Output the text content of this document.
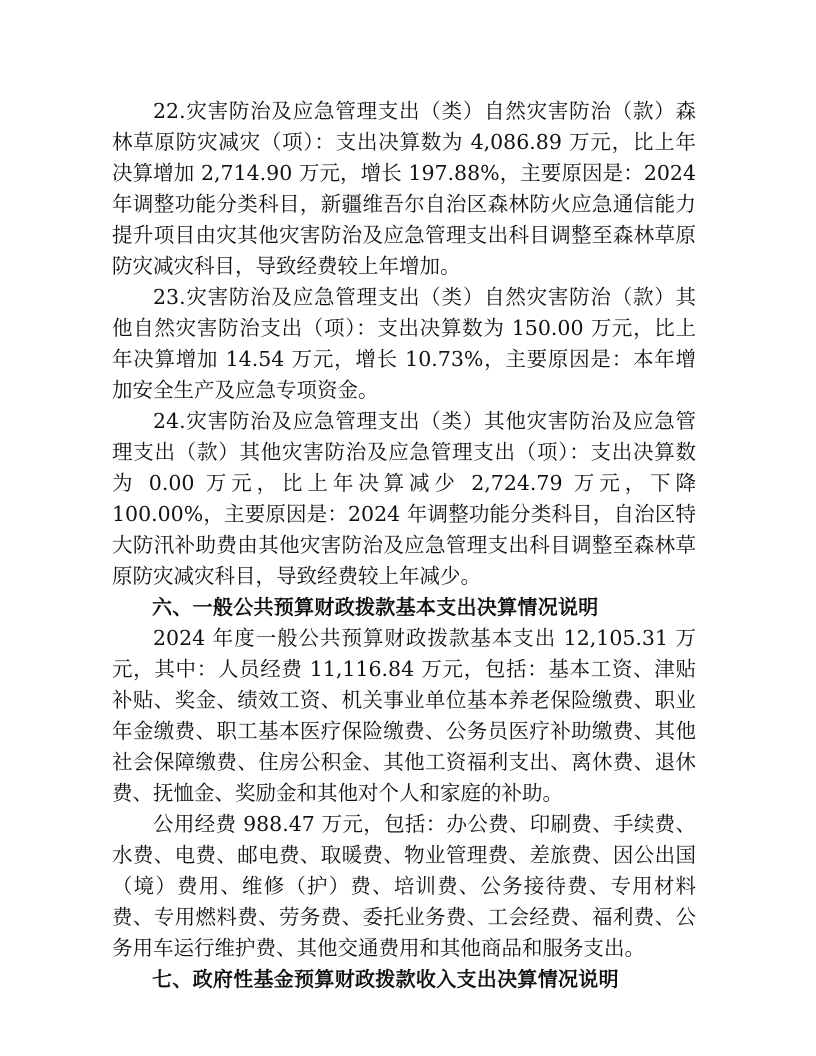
22.灾害防治及应急管理支出（类）自然灾害防治（款）森林草原防灾减灾（项）：支出决算数为 4,086.89 万元，比上年决算增加 2,714.90 万元，增长 197.88%，主要原因是：2024 年调整功能分类科目，新疆维吾尔自治区森林防火应急通信能力提升项目由灾其他灾害防治及应急管理支出科目调整至森林草原防灾减灾科目，导致经费较上年增加。

23.灾害防治及应急管理支出（类）自然灾害防治（款）其他自然灾害防治支出（项）：支出决算数为 150.00 万元，比上年决算增加 14.54 万元，增长 10.73%，主要原因是：本年增加安全生产及应急专项资金。

24.灾害防治及应急管理支出（类）其他灾害防治及应急管理支出（款）其他灾害防治及应急管理支出（项）：支出决算数为 0.00 万元，比上年决算减少 2,724.79 万元，下降 100.00%，主要原因是：2024 年调整功能分类科目，自治区特大防汛补助费由其他灾害防治及应急管理支出科目调整至森林草原防灾减灾科目，导致经费较上年减少。

六、一般公共预算财政拨款基本支出决算情况说明

2024 年度一般公共预算财政拨款基本支出 12,105.31 万元，其中：人员经费 11,116.84 万元，包括：基本工资、津贴补贴、奖金、绩效工资、机关事业单位基本养老保险缴费、职业年金缴费、职工基本医疗保险缴费、公务员医疗补助缴费、其他社会保障缴费、住房公积金、其他工资福利支出、离休费、退休费、抚恤金、奖励金和其他对个人和家庭的补助。

公用经费 988.47 万元，包括：办公费、印刷费、手续费、水费、电费、邮电费、取暖费、物业管理费、差旅费、因公出国（境）费用、维修（护）费、培训费、公务接待费、专用材料费、专用燃料费、劳务费、委托业务费、工会经费、福利费、公务用车运行维护费、其他交通费用和其他商品和服务支出。

七、政府性基金预算财政拨款收入支出决算情况说明
